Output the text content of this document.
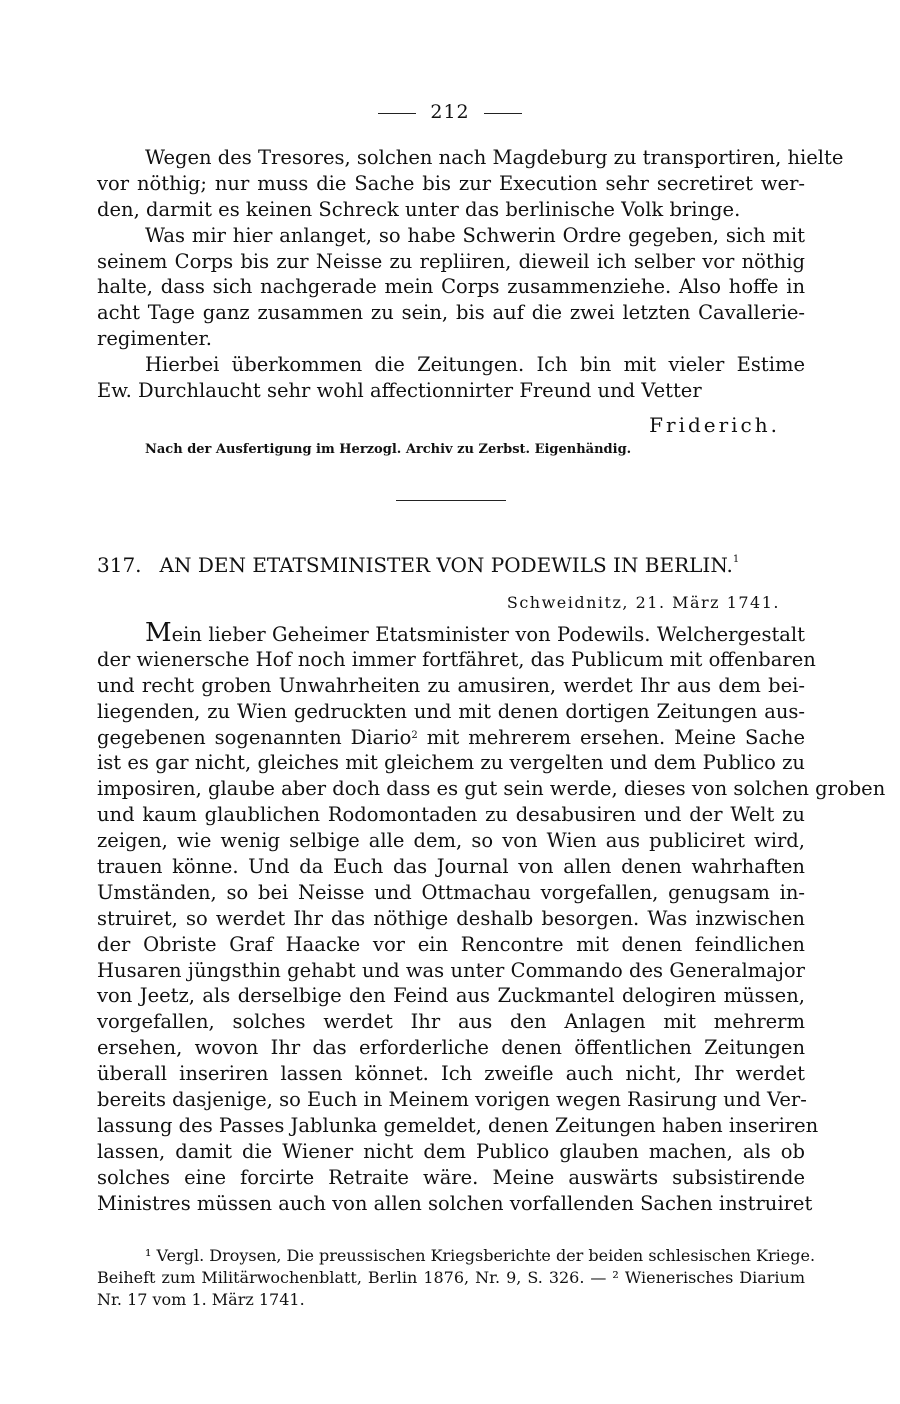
212
Wegen des Tresores, solchen nach Magdeburg zu transportiren, hielte
vor nöthig; nur muss die Sache bis zur Execution sehr secretiret wer-
den, darmit es keinen Schreck unter das berlinische Volk bringe.
Was mir hier anlanget, so habe Schwerin Ordre gegeben, sich mit
seinem Corps bis zur Neisse zu repliiren, dieweil ich selber vor nöthig
halte, dass sich nachgerade mein Corps zusammenziehe. Also hoffe in
acht Tage ganz zusammen zu sein, bis auf die zwei letzten Cavallerie-
regimenter.
Hierbei überkommen die Zeitungen. Ich bin mit vieler Estime
Ew. Durchlaucht sehr wohl affectionnirter Freund und Vetter
Friderich.
Nach der Ausfertigung im Herzogl. Archiv zu Zerbst. Eigenhändig.
317. AN DEN ETATSMINISTER VON PODEWILS IN BERLIN.$^1$
Schweidnitz, 21. März 1741.
Mein lieber Geheimer Etatsminister von Podewils. Welchergestalt
der wienersche Hof noch immer fortfähret, das Publicum mit offenbaren
und recht groben Unwahrheiten zu amusiren, werdet Ihr aus dem bei-
liegenden, zu Wien gedruckten und mit denen dortigen Zeitungen aus-
gegebenen sogenannten Diario$^2$ mit mehrerem ersehen. Meine Sache
ist es gar nicht, gleiches mit gleichem zu vergelten und dem Publico zu
imposiren, glaube aber doch dass es gut sein werde, dieses von solchen groben
und kaum glaublichen Rodomontaden zu desabusiren und der Welt zu
zeigen, wie wenig selbige alle dem, so von Wien aus publiciret wird,
trauen könne. Und da Euch das Journal von allen denen wahrhaften
Umständen, so bei Neisse und Ottmachau vorgefallen, genugsam in-
struiret, so werdet Ihr das nöthige deshalb besorgen. Was inzwischen
der Obriste Graf Haacke vor ein Rencontre mit denen feindlichen
Husaren jüngsthin gehabt und was unter Commando des Generalmajor
von Jeetz, als derselbige den Feind aus Zuckmantel delogiren müssen,
vorgefallen, solches werdet Ihr aus den Anlagen mit mehrerm
ersehen, wovon Ihr das erforderliche denen öffentlichen Zeitungen
überall inseriren lassen könnet. Ich zweifle auch nicht, Ihr werdet
bereits dasjenige, so Euch in Meinem vorigen wegen Rasirung und Ver-
lassung des Passes Jablunka gemeldet, denen Zeitungen haben inseriren
lassen, damit die Wiener nicht dem Publico glauben machen, als ob
solches eine forcirte Retraite wäre. Meine auswärts subsistirende
Ministres müssen auch von allen solchen vorfallenden Sachen instruiret
¹ Vergl. Droysen, Die preussischen Kriegsberichte der beiden schlesischen Kriege.
Beiheft zum Militärwochenblatt, Berlin 1876, Nr. 9, S. 326. — ² Wienerisches Diarium
Nr. 17 vom 1. März 1741.
